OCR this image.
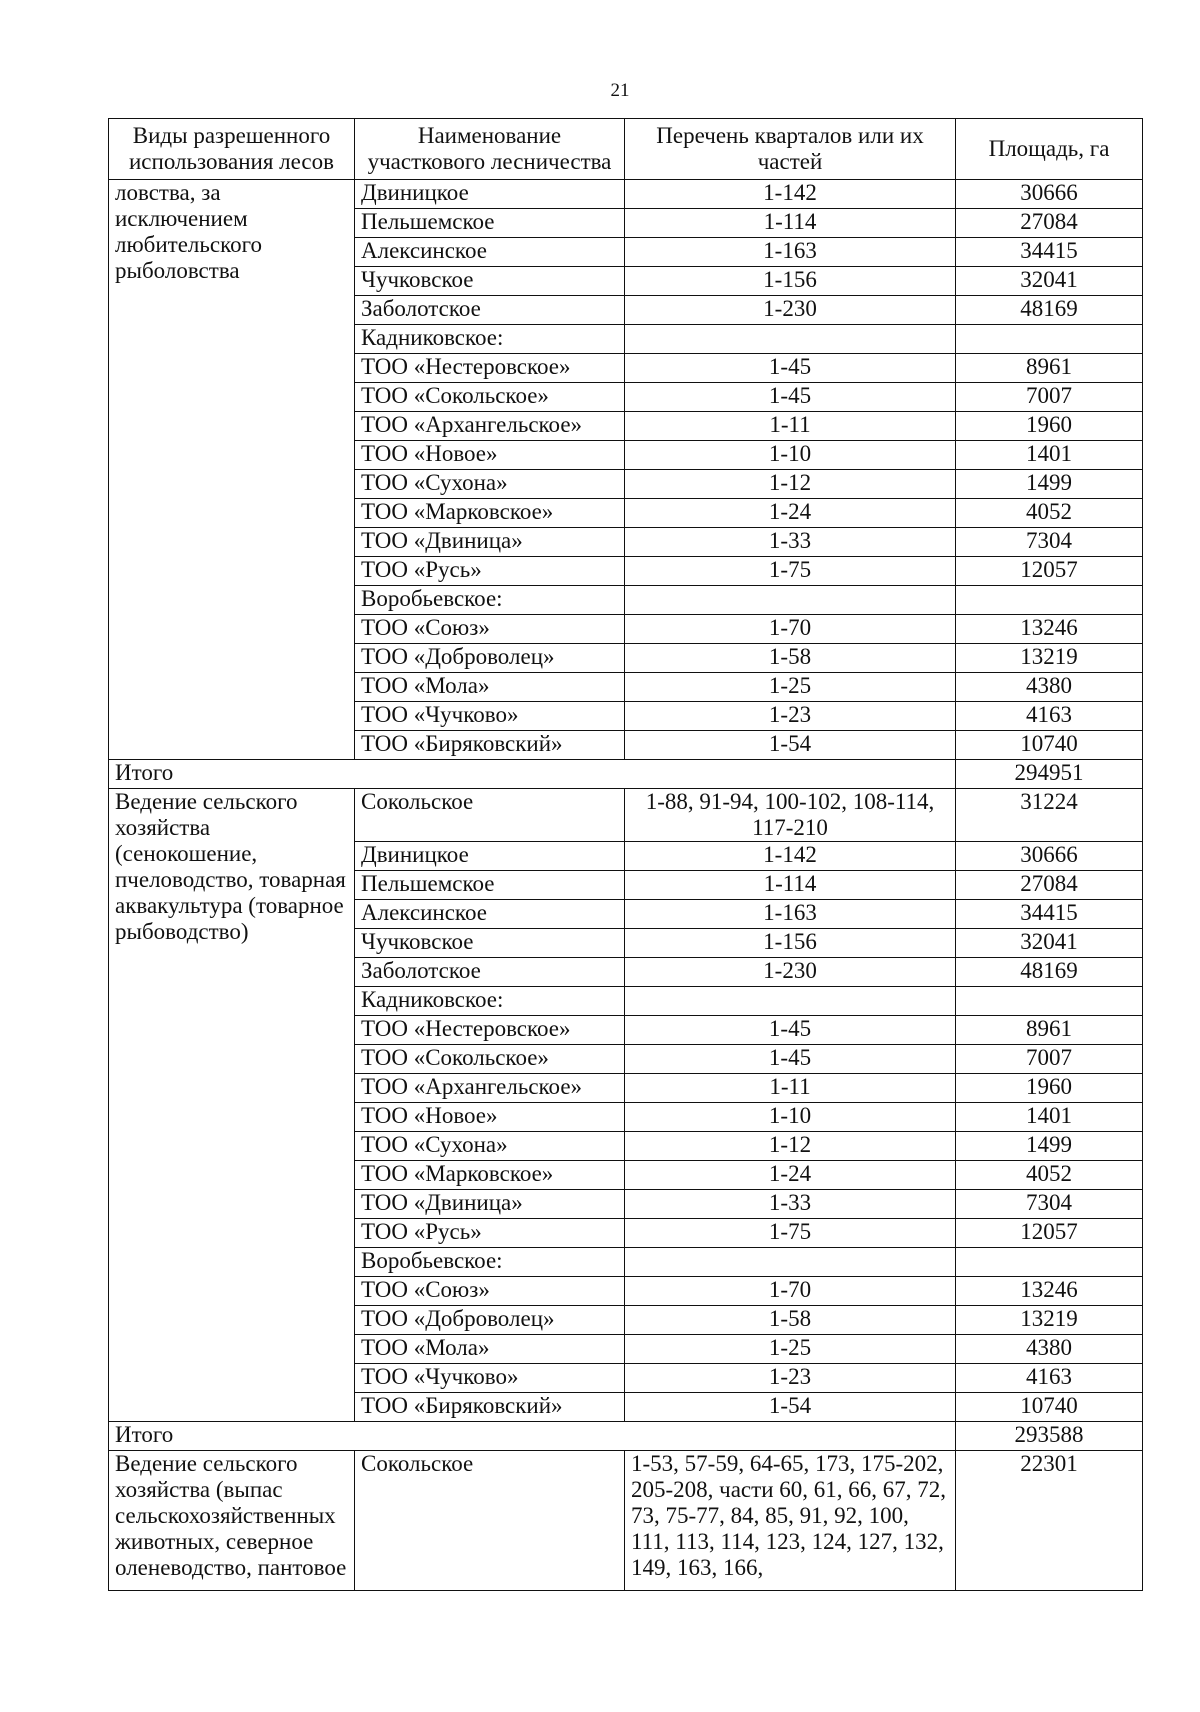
21
Виды разрешенного использования лесов	Наименование участкового лесничества	Перечень кварталов или их частей	Площадь, га
ловства, за исключением любительского рыболовства	Двиницкое	1-142	30666
	Пельшемское	1-114	27084
	Алексинское	1-163	34415
	Чучковское	1-156	32041
	Заболотское	1-230	48169
	Кадниковское:		
	ТОО «Нестеровское»	1-45	8961
	ТОО «Сокольское»	1-45	7007
	ТОО «Архангельское»	1-11	1960
	ТОО «Новое»	1-10	1401
	ТОО «Сухона»	1-12	1499
	ТОО «Марковское»	1-24	4052
	ТОО «Двиница»	1-33	7304
	ТОО «Русь»	1-75	12057
	Воробьевское:		
	ТОО «Союз»	1-70	13246
	ТОО «Доброволец»	1-58	13219
	ТОО «Мола»	1-25	4380
	ТОО «Чучково»	1-23	4163
	ТОО «Биряковский»	1-54	10740
Итого			294951
Ведение сельского хозяйства (сенокошение, пчеловодство, товарная аквакультура (товарное рыбоводство)	Сокольское	1-88, 91-94, 100-102, 108-114, 117-210	31224
	Двиницкое	1-142	30666
	Пельшемское	1-114	27084
	Алексинское	1-163	34415
	Чучковское	1-156	32041
	Заболотское	1-230	48169
	Кадниковское:		
	ТОО «Нестеровское»	1-45	8961
	ТОО «Сокольское»	1-45	7007
	ТОО «Архангельское»	1-11	1960
	ТОО «Новое»	1-10	1401
	ТОО «Сухона»	1-12	1499
	ТОО «Марковское»	1-24	4052
	ТОО «Двиница»	1-33	7304
	ТОО «Русь»	1-75	12057
	Воробьевское:		
	ТОО «Союз»	1-70	13246
	ТОО «Доброволец»	1-58	13219
	ТОО «Мола»	1-25	4380
	ТОО «Чучково»	1-23	4163
	ТОО «Биряковский»	1-54	10740
Итого			293588
Ведение сельского хозяйства (выпас сельскохозяйственных животных, северное оленеводство, пантовое	Сокольское	1-53, 57-59, 64-65, 173, 175-202, 205-208, части 60, 61, 66, 67, 72, 73, 75-77, 84, 85, 91, 92, 100, 111, 113, 114, 123, 124, 127, 132, 149, 163, 166,	22301
